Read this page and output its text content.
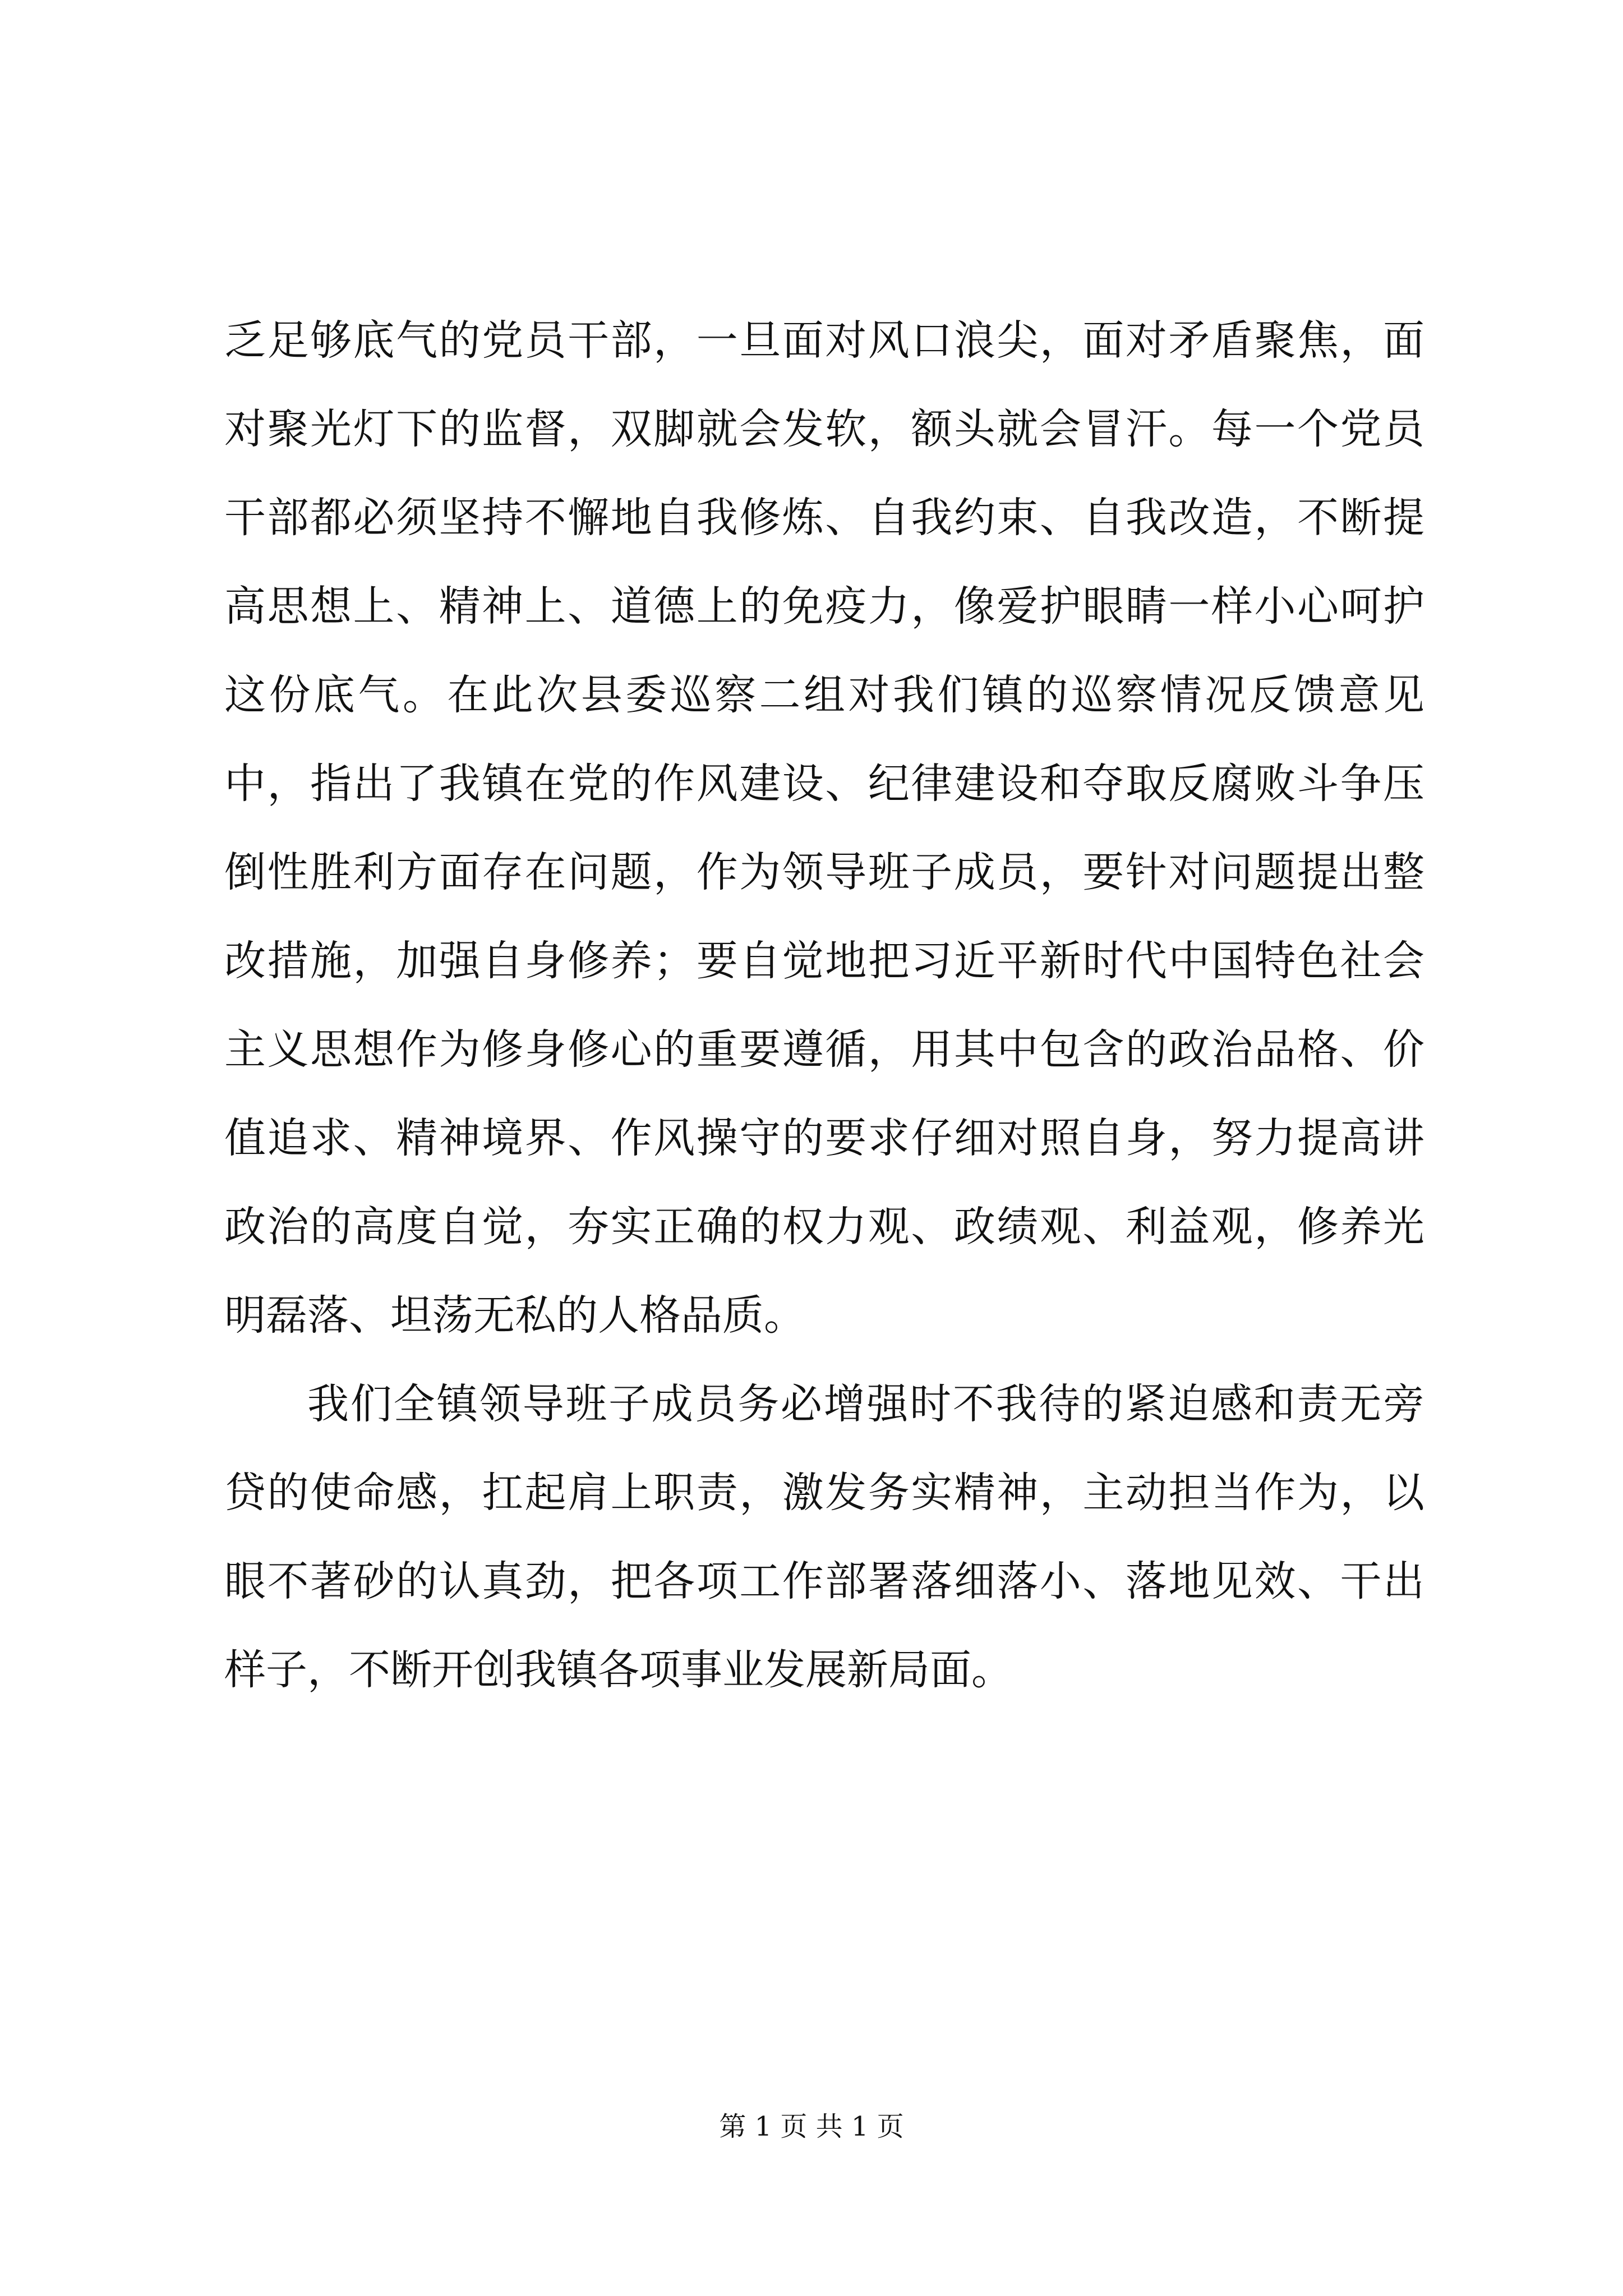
乏足够底气的党员干部，一旦面对风口浪尖，面对矛盾聚焦，面对聚光灯下的监督，双脚就会发软，额头就会冒汗。每一个党员干部都必须坚持不懈地自我修炼、自我约束、自我改造，不断提高思想上、精神上、道德上的免疫力，像爱护眼睛一样小心呵护这份底气。在此次县委巡察二组对我们镇的巡察情况反馈意见中，指出了我镇在党的作风建设、纪律建设和夺取反腐败斗争压倒性胜利方面存在问题，作为领导班子成员，要针对问题提出整改措施，加强自身修养；要自觉地把习近平新时代中国特色社会主义思想作为修身修心的重要遵循，用其中包含的政治品格、价值追求、精神境界、作风操守的要求仔细对照自身，努力提高讲政治的高度自觉，夯实正确的权力观、政绩观、利益观，修养光明磊落、坦荡无私的人格品质。

我们全镇领导班子成员务必增强时不我待的紧迫感和责无旁贷的使命感，扛起肩上职责，激发务实精神，主动担当作为，以眼不著砂的认真劲，把各项工作部署落细落小、落地见效、干出样子，不断开创我镇各项事业发展新局面。

第 1 页 共 1 页
